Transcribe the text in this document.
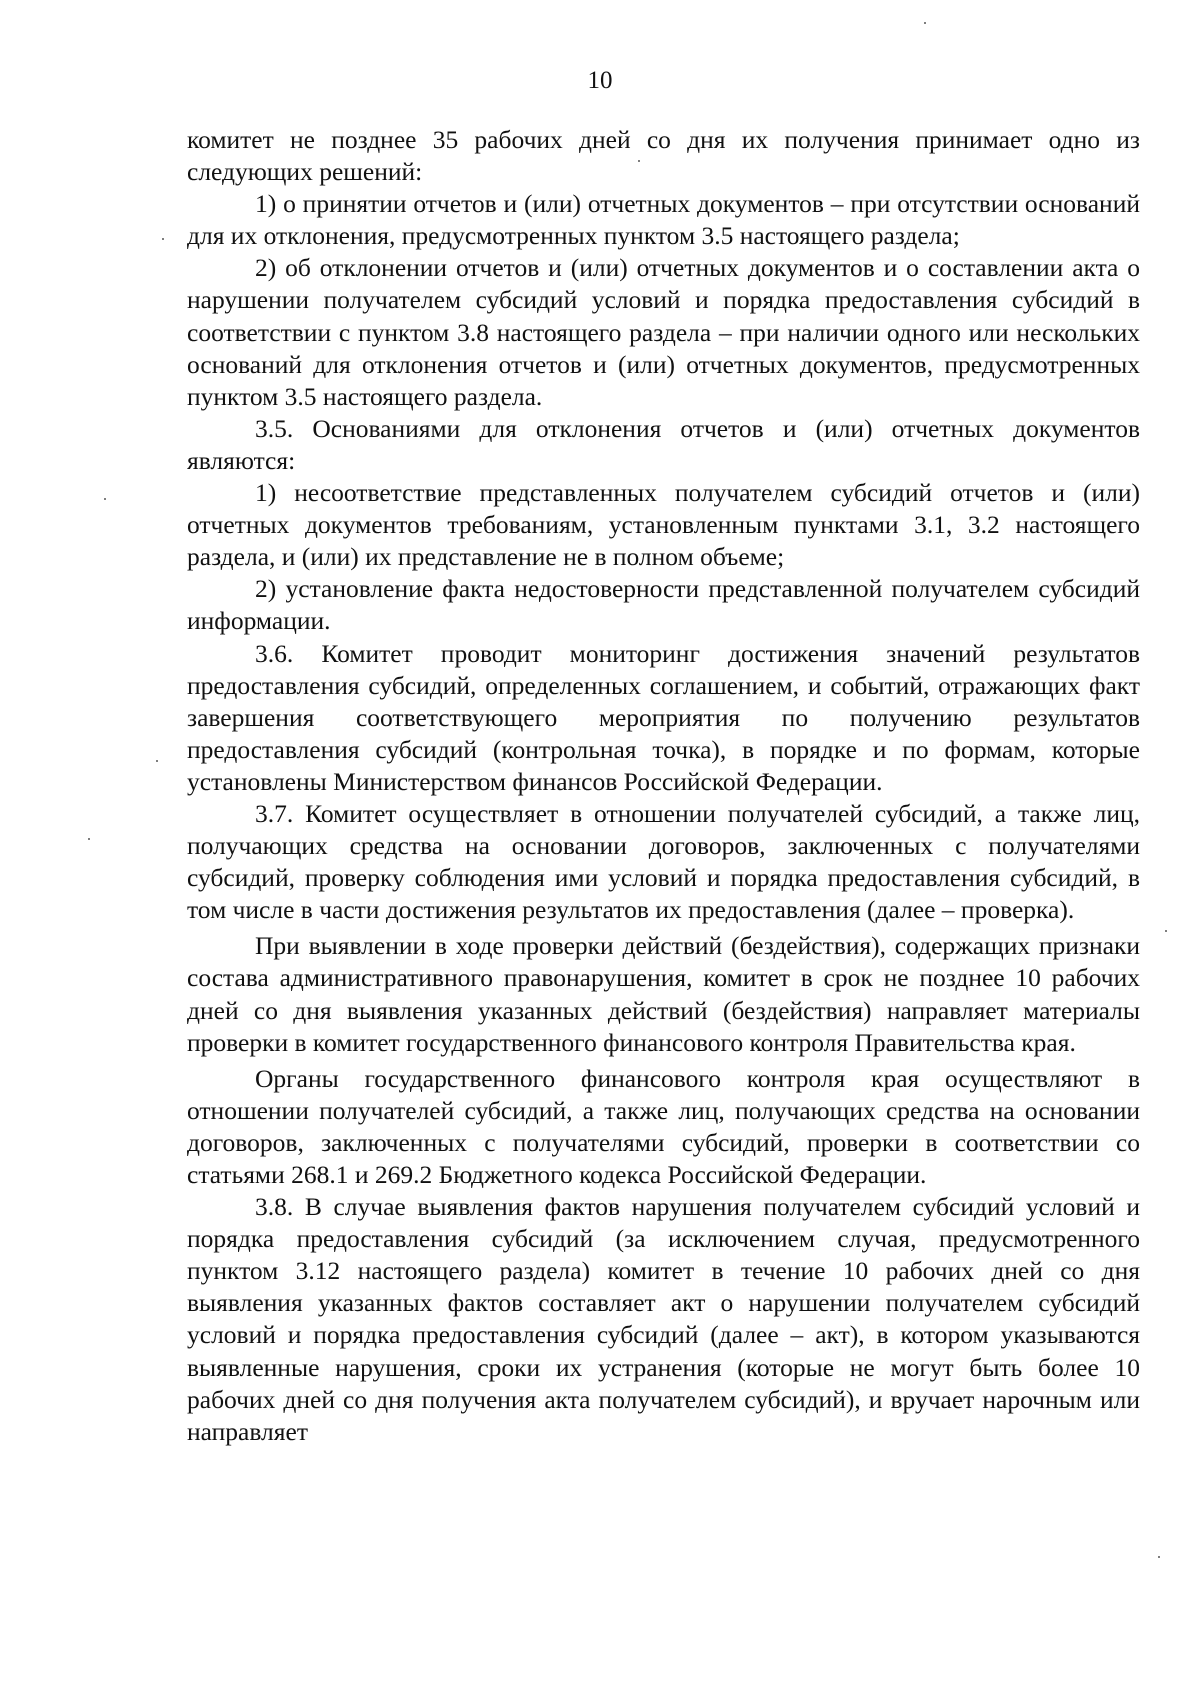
10

комитет не позднее 35 рабочих дней со дня их получения принимает одно из следующих решений:

1) о принятии отчетов и (или) отчетных документов – при отсутствии оснований для их отклонения, предусмотренных пунктом 3.5 настоящего раздела;

2) об отклонении отчетов и (или) отчетных документов и о составлении акта о нарушении получателем субсидий условий и порядка предоставления субсидий в соответствии с пунктом 3.8 настоящего раздела – при наличии одного или нескольких оснований для отклонения отчетов и (или) отчетных документов, предусмотренных пунктом 3.5 настоящего раздела.

3.5. Основаниями для отклонения отчетов и (или) отчетных документов являются:

1) несоответствие представленных получателем субсидий отчетов и (или) отчетных документов требованиям, установленным пунктами 3.1, 3.2 настоящего раздела, и (или) их представление не в полном объеме;

2) установление факта недостоверности представленной получателем субсидий информации.

3.6. Комитет проводит мониторинг достижения значений результатов предоставления субсидий, определенных соглашением, и событий, отражающих факт завершения соответствующего мероприятия по получению результатов предоставления субсидий (контрольная точка), в порядке и по формам, которые установлены Министерством финансов Российской Федерации.

3.7. Комитет осуществляет в отношении получателей субсидий, а также лиц, получающих средства на основании договоров, заключенных с получателями субсидий, проверку соблюдения ими условий и порядка предоставления субсидий, в том числе в части достижения результатов их предоставления (далее – проверка).

При выявлении в ходе проверки действий (бездействия), содержащих признаки состава административного правонарушения, комитет в срок не позднее 10 рабочих дней со дня выявления указанных действий (бездействия) направляет материалы проверки в комитет государственного финансового контроля Правительства края.

Органы государственного финансового контроля края осуществляют в отношении получателей субсидий, а также лиц, получающих средства на основании договоров, заключенных с получателями субсидий, проверки в соответствии со статьями 268.1 и 269.2 Бюджетного кодекса Российской Федерации.

3.8. В случае выявления фактов нарушения получателем субсидий условий и порядка предоставления субсидий (за исключением случая, предусмотренного пунктом 3.12 настоящего раздела) комитет в течение 10 рабочих дней со дня выявления указанных фактов составляет акт о нарушении получателем субсидий условий и порядка предоставления субсидий (далее – акт), в котором указываются выявленные нарушения, сроки их устранения (которые не могут быть более 10 рабочих дней со дня получения акта получателем субсидий), и вручает нарочным или направляет
